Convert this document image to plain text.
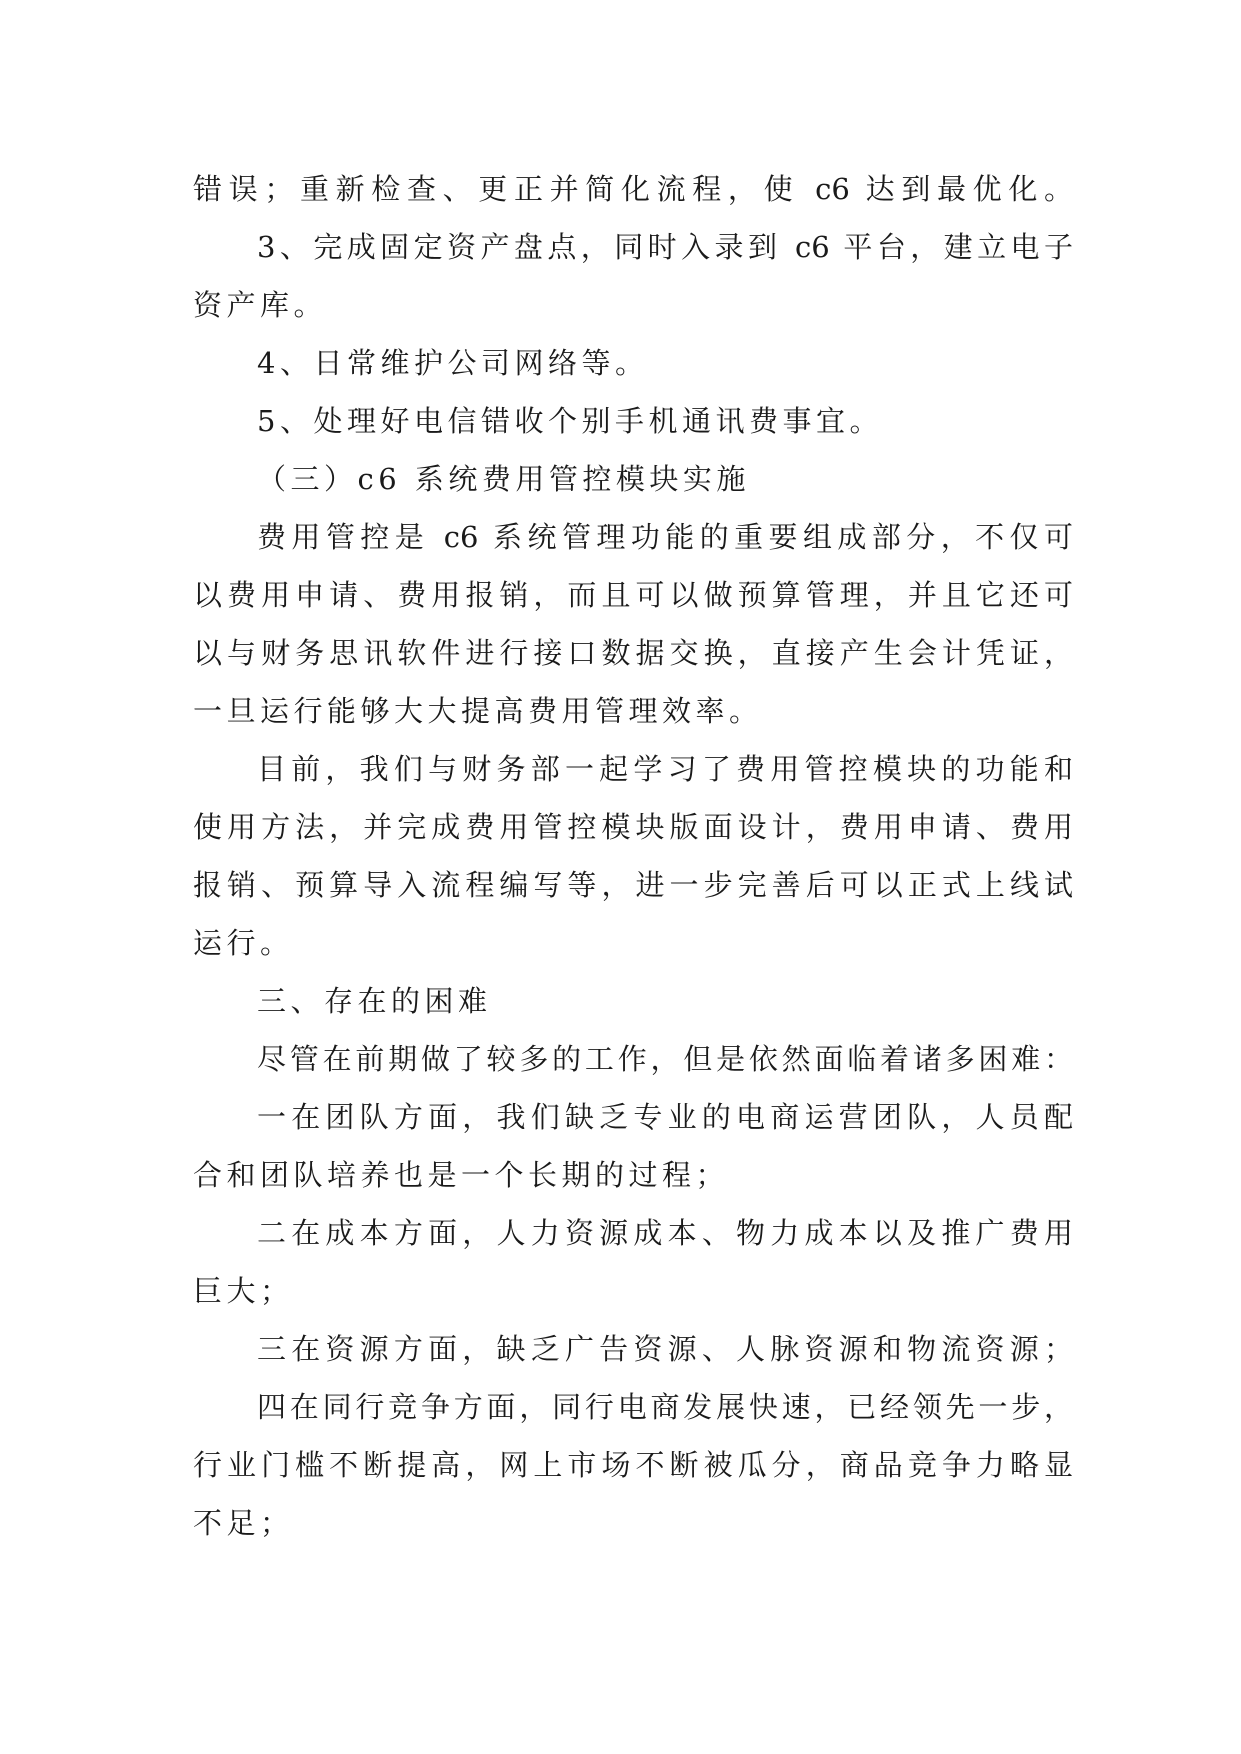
错误；重新检查、更正并简化流程，使 c6 达到最优化。
3、完成固定资产盘点，同时入录到 c6 平台，建立电子
资产库。
4、日常维护公司网络等。
5、处理好电信错收个别手机通讯费事宜。
（三）c6 系统费用管控模块实施
费用管控是 c6 系统管理功能的重要组成部分，不仅可
以费用申请、费用报销，而且可以做预算管理，并且它还可
以与财务思讯软件进行接口数据交换，直接产生会计凭证，
一旦运行能够大大提高费用管理效率。
目前，我们与财务部一起学习了费用管控模块的功能和
使用方法，并完成费用管控模块版面设计，费用申请、费用
报销、预算导入流程编写等，进一步完善后可以正式上线试
运行。
三、存在的困难
尽管在前期做了较多的工作，但是依然面临着诸多困难：
一在团队方面，我们缺乏专业的电商运营团队，人员配
合和团队培养也是一个长期的过程；
二在成本方面，人力资源成本、物力成本以及推广费用
巨大；
三在资源方面，缺乏广告资源、人脉资源和物流资源；
四在同行竞争方面，同行电商发展快速，已经领先一步，
行业门槛不断提高，网上市场不断被瓜分，商品竞争力略显
不足；
